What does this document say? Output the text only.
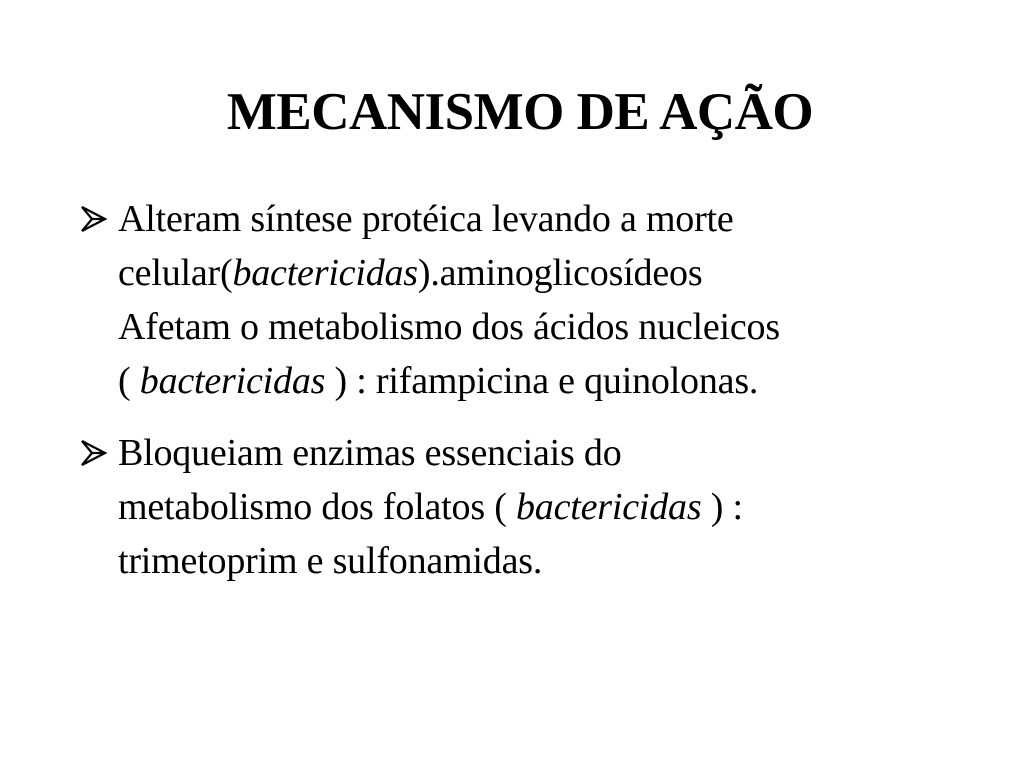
MECANISMO DE AÇÃO
Alteram síntese protéica levando a morte
celular(bactericidas).aminoglicosídeos
Afetam o metabolismo dos ácidos nucleicos
( bactericidas ) : rifampicina e quinolonas.
Bloqueiam enzimas essenciais do
metabolismo dos folatos ( bactericidas ) :
trimetoprim e sulfonamidas.
